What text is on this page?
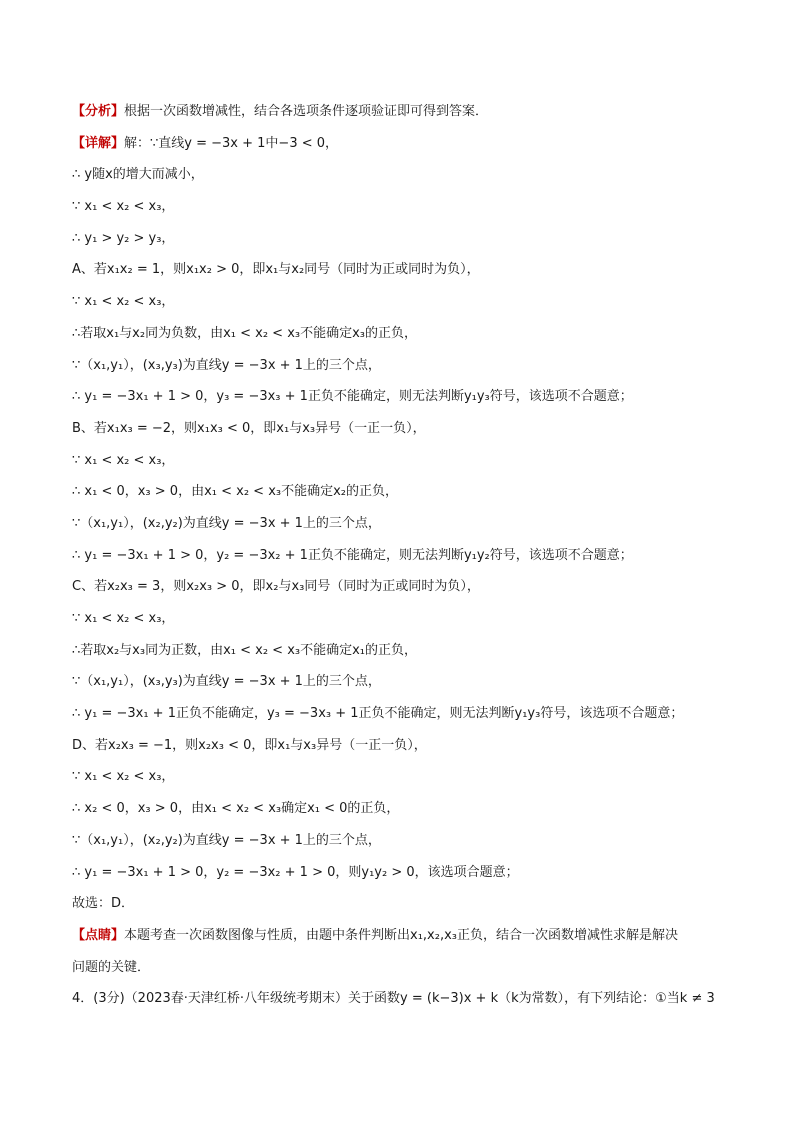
【分析】根据一次函数增减性，结合各选项条件逐项验证即可得到答案．
【详解】解：∵直线y = −3x + 1中−3 < 0，
∴ y随x的增大而减小，
∵ x₁ < x₂ < x₃，
∴ y₁ > y₂ > y₃，
A、若x₁x₂ = 1，则x₁x₂ > 0，即x₁与x₂同号（同时为正或同时为负），
∵ x₁ < x₂ < x₃，
∴若取x₁与x₂同为负数，由x₁ < x₂ < x₃不能确定x₃的正负，
∵（x₁,y₁），(x₃,y₃)为直线y = −3x + 1上的三个点，
∴ y₁ = −3x₁ + 1 > 0，y₃ = −3x₃ + 1正负不能确定，则无法判断y₁y₃符号，该选项不合题意；
B、若x₁x₃ = −2，则x₁x₃ < 0，即x₁与x₃异号（一正一负），
∵ x₁ < x₂ < x₃，
∴ x₁ < 0，x₃ > 0，由x₁ < x₂ < x₃不能确定x₂的正负，
∵（x₁,y₁），(x₂,y₂)为直线y = −3x + 1上的三个点，
∴ y₁ = −3x₁ + 1 > 0，y₂ = −3x₂ + 1正负不能确定，则无法判断y₁y₂符号，该选项不合题意；
C、若x₂x₃ = 3，则x₂x₃ > 0，即x₂与x₃同号（同时为正或同时为负），
∵ x₁ < x₂ < x₃，
∴若取x₂与x₃同为正数，由x₁ < x₂ < x₃不能确定x₁的正负，
∵（x₁,y₁），(x₃,y₃)为直线y = −3x + 1上的三个点，
∴ y₁ = −3x₁ + 1正负不能确定，y₃ = −3x₃ + 1正负不能确定，则无法判断y₁y₃符号，该选项不合题意；
D、若x₂x₃ = −1，则x₂x₃ < 0，即x₁与x₃异号（一正一负），
∵ x₁ < x₂ < x₃，
∴ x₂ < 0，x₃ > 0，由x₁ < x₂ < x₃确定x₁ < 0的正负，
∵（x₁,y₁），(x₂,y₂)为直线y = −3x + 1上的三个点，
∴ y₁ = −3x₁ + 1 > 0，y₂ = −3x₂ + 1 > 0，则y₁y₂ > 0，该选项合题意；
故选：D．
【点睛】本题考查一次函数图像与性质，由题中条件判断出x₁,x₂,x₃正负，结合一次函数增减性求解是解决
问题的关键．
4．(3分)（2023春·天津红桥·八年级统考期末）关于函数y = (k−3)x + k（k为常数），有下列结论：①当k ≠ 3
